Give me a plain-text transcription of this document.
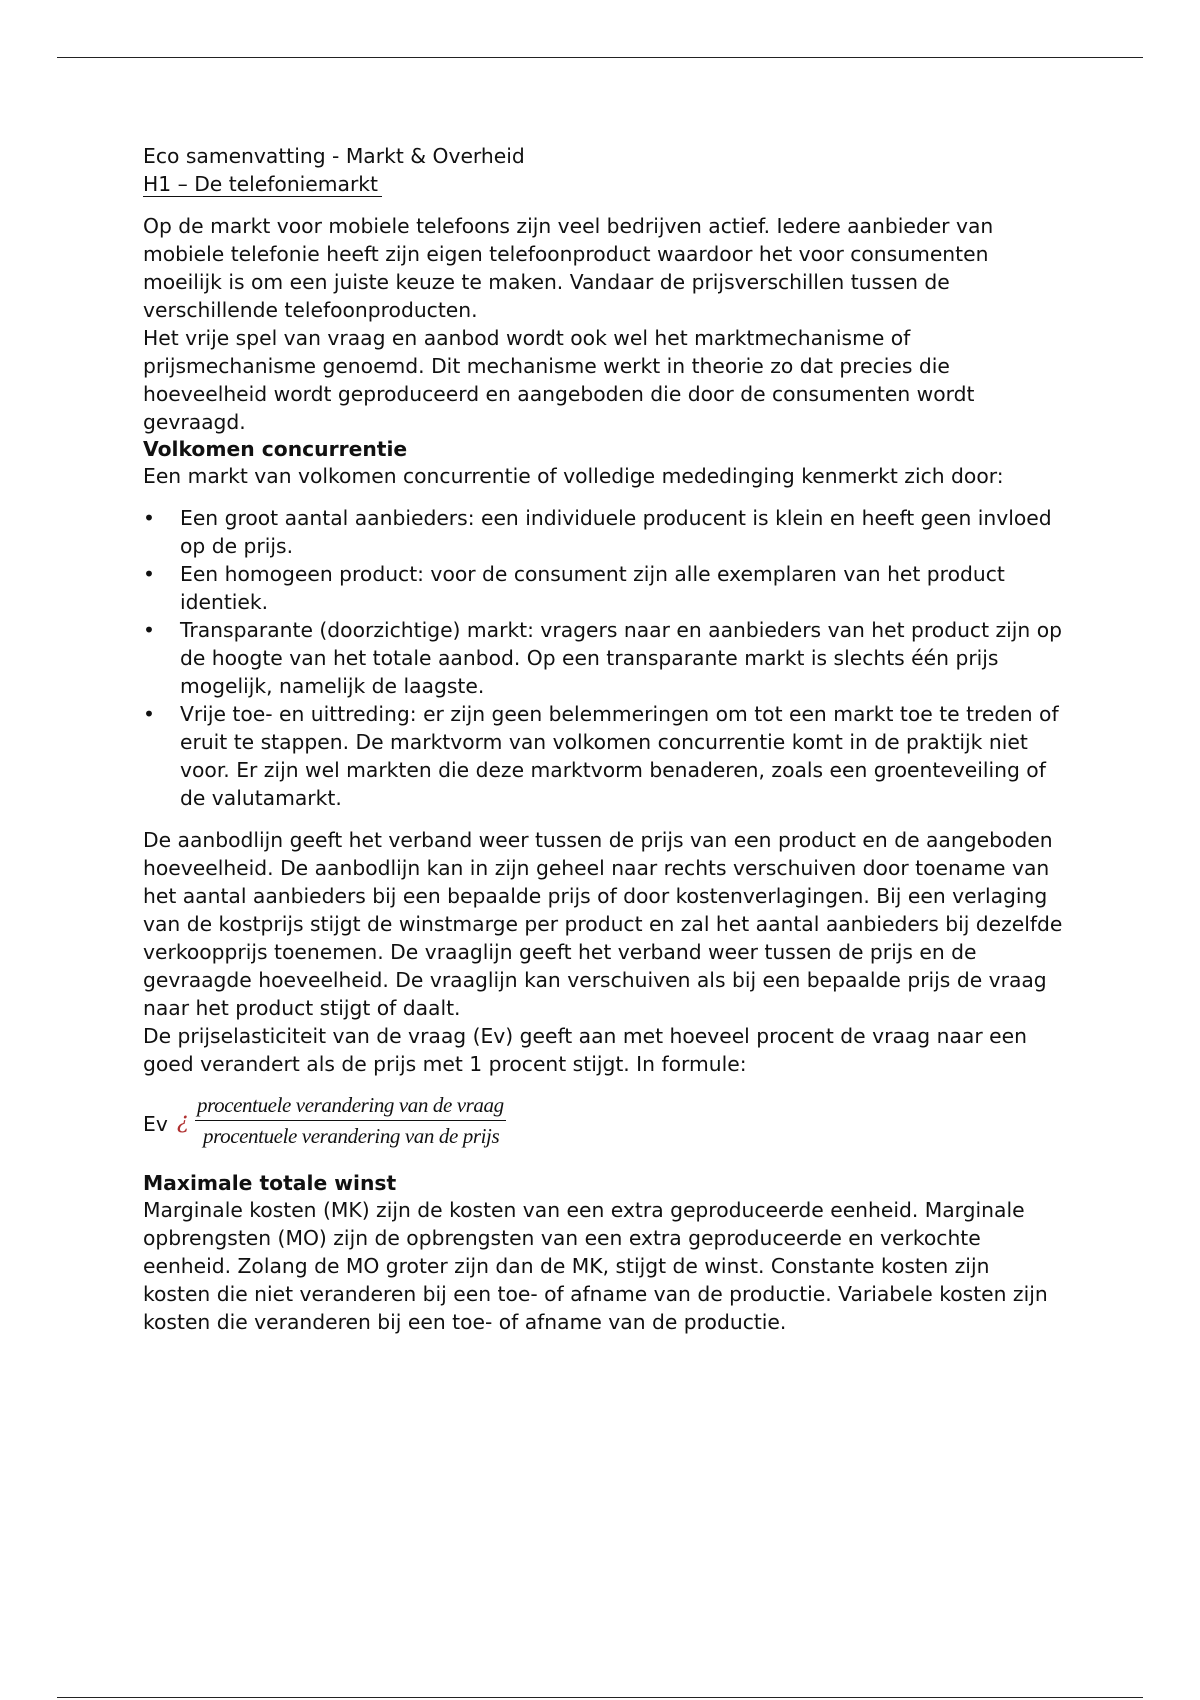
Eco samenvatting - Markt & Overheid

H1 – De telefoniemarkt

Op de markt voor mobiele telefoons zijn veel bedrijven actief. Iedere aanbieder van mobiele telefonie heeft zijn eigen telefoonproduct waardoor het voor consumenten moeilijk is om een juiste keuze te maken. Vandaar de prijsverschillen tussen de verschillende telefoonproducten.

Het vrije spel van vraag en aanbod wordt ook wel het marktmechanisme of prijsmechanisme genoemd. Dit mechanisme werkt in theorie zo dat precies die hoeveelheid wordt geproduceerd en aangeboden die door de consumenten wordt gevraagd.

Volkomen concurrentie

Een markt van volkomen concurrentie of volledige mededinging kenmerkt zich door:

• Een groot aantal aanbieders: een individuele producent is klein en heeft geen invloed op de prijs.
• Een homogeen product: voor de consument zijn alle exemplaren van het product identiek.
• Transparante (doorzichtige) markt: vragers naar en aanbieders van het product zijn op de hoogte van het totale aanbod. Op een transparante markt is slechts één prijs mogelijk, namelijk de laagste.
• Vrije toe- en uittreding: er zijn geen belemmeringen om tot een markt toe te treden of eruit te stappen. De marktvorm van volkomen concurrentie komt in de praktijk niet voor. Er zijn wel markten die deze marktvorm benaderen, zoals een groenteveiling of de valutamarkt.

De aanbodlijn geeft het verband weer tussen de prijs van een product en de aangeboden hoeveelheid. De aanbodlijn kan in zijn geheel naar rechts verschuiven door toename van het aantal aanbieders bij een bepaalde prijs of door kostenverlagingen. Bij een verlaging van de kostprijs stijgt de winstmarge per product en zal het aantal aanbieders bij dezelfde verkoopprijs toenemen. De vraaglijn geeft het verband weer tussen de prijs en de gevraagde hoeveelheid. De vraaglijn kan verschuiven als bij een bepaalde prijs de vraag naar het product stijgt of daalt.

De prijselasticiteit van de vraag (Ev) geeft aan met hoeveel procent de vraag naar een goed verandert als de prijs met 1 procent stijgt. In formule:

Ev ¿
procentuele verandering van de vraag
procentuele verandering van de prijs

Maximale totale winst

Marginale kosten (MK) zijn de kosten van een extra geproduceerde eenheid. Marginale opbrengsten (MO) zijn de opbrengsten van een extra geproduceerde en verkochte eenheid. Zolang de MO groter zijn dan de MK, stijgt de winst. Constante kosten zijn kosten die niet veranderen bij een toe- of afname van de productie. Variabele kosten zijn kosten die veranderen bij een toe- of afname van de productie.
